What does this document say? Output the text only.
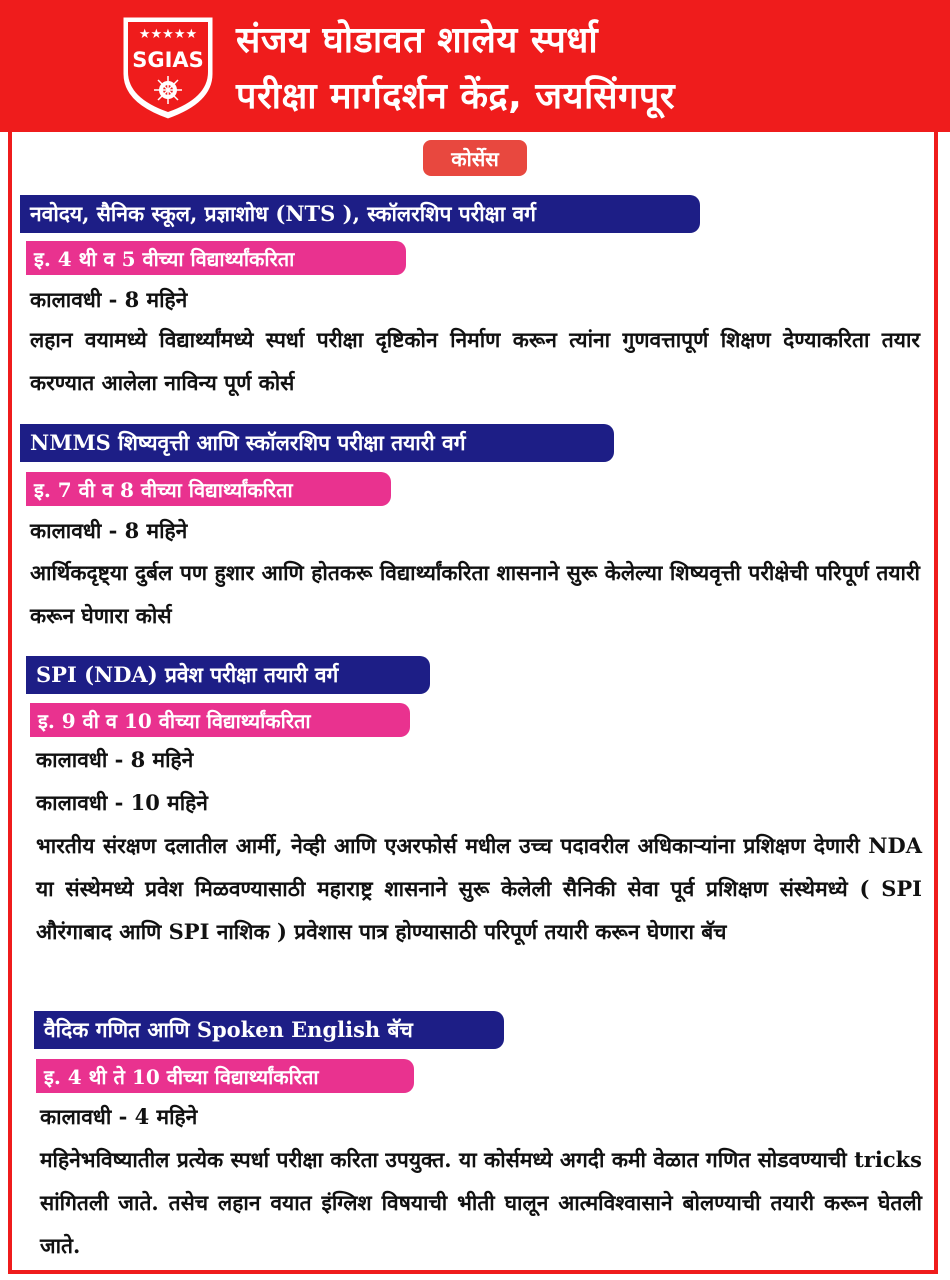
★★★★★
SGIAS संजय घोडावत शालेय स्पर्धा
परीक्षा मार्गदर्शन केंद्र, जयसिंगपूर
कोर्सेस
नवोदय, सैनिक स्कूल, प्रज्ञाशोध (NTS ), स्कॉलरशिप परीक्षा वर्ग
इ. 4 थी व 5 वीच्या विद्यार्थ्यांकरिता
कालावधी - 8 महिने
लहान वयामध्ये विद्यार्थ्यांमध्ये स्पर्धा परीक्षा दृष्टिकोन निर्माण करून त्यांना गुणवत्तापूर्ण शिक्षण देण्याकरिता तयार करण्यात आलेला नाविन्य पूर्ण कोर्स
NMMS शिष्यवृत्ती आणि स्कॉलरशिप परीक्षा तयारी वर्ग
इ. 7 वी व 8 वीच्या विद्यार्थ्यांकरिता
कालावधी - 8 महिने
आर्थिकदृष्ट्या दुर्बल पण हुशार आणि होतकरू विद्यार्थ्यांकरिता शासनाने सुरू केलेल्या शिष्यवृत्ती परीक्षेची परिपूर्ण तयारी करून घेणारा कोर्स
SPI (NDA) प्रवेश परीक्षा तयारी वर्ग
इ. 9 वी व 10 वीच्या विद्यार्थ्यांकरिता
कालावधी - 8 महिने
कालावधी - 10 महिने
भारतीय संरक्षण दलातील आर्मी, नेव्ही आणि एअरफोर्स मधील उच्च पदावरील अधिकाऱ्यांना प्रशिक्षण देणारी NDA या संस्थेमध्ये प्रवेश मिळवण्यासाठी महाराष्ट्र शासनाने सुरू केलेली सैनिकी सेवा पूर्व प्रशिक्षण संस्थेमध्ये ( SPI औरंगाबाद आणि SPI नाशिक ) प्रवेशास पात्र होण्यासाठी परिपूर्ण तयारी करून घेणारा बॅच
वैदिक गणित आणि Spoken English बॅच
इ. 4 थी ते 10 वीच्या विद्यार्थ्यांकरिता
कालावधी - 4 महिने
महिनेभविष्यातील प्रत्येक स्पर्धा परीक्षा करिता उपयुक्त. या कोर्समध्ये अगदी कमी वेळात गणित सोडवण्याची tricks सांगितली जाते. तसेच लहान वयात इंग्लिश विषयाची भीती घालून आत्मविश्वासाने बोलण्याची तयारी करून घेतली जाते.
